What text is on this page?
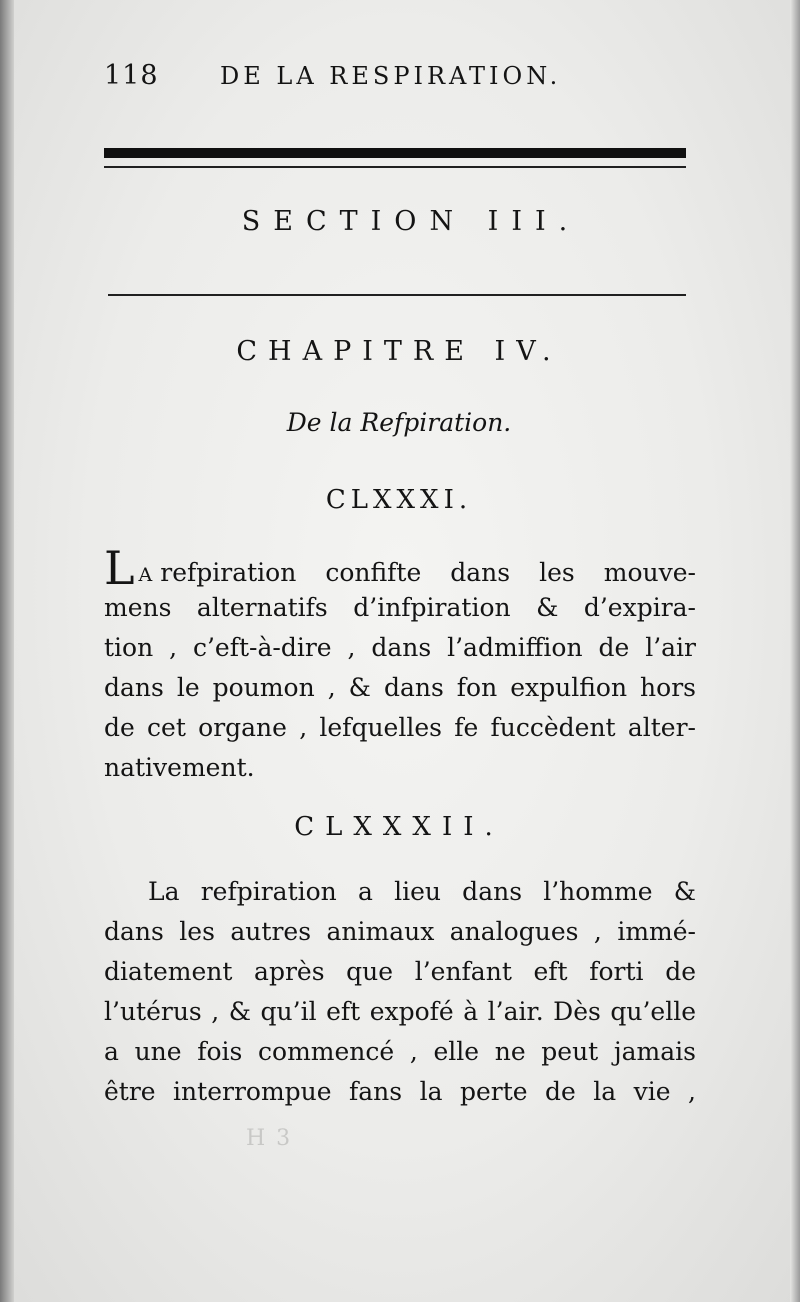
118	DE LA RESPIRATION.
SECTION III.
CHAPITRE IV.
De la Refpiration.
CLXXXI.
L A refpiration confifte dans les mouve-
mens alternatifs d’infpiration & d’expira-
tion , c’eft-à-dire , dans l’admiffion de l’air
dans le poumon , & dans fon expulfion hors
de cet organe , lefquelles fe fuccèdent alter-
nativement.
CLXXXII.
La refpiration a lieu dans l’homme &
dans les autres animaux analogues , immé-
diatement après que l’enfant eft forti de
l’utérus , & qu’il eft expofé à l’air. Dès qu’elle
a une fois commencé , elle ne peut jamais
être interrompue fans la perte de la vie ,
H 3
